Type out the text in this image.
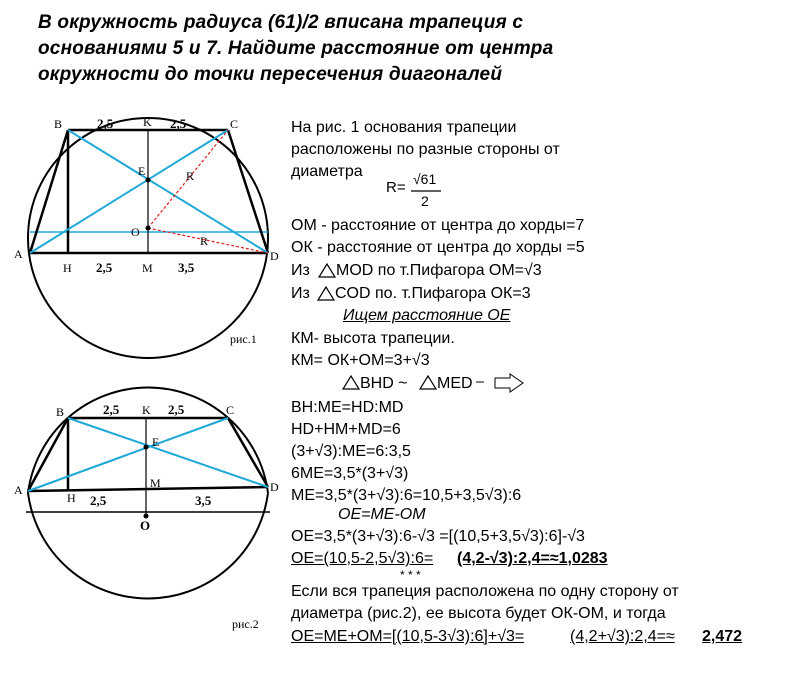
В окружность радиуса (61)/2 вписана трапеция с
основаниями 5 и 7. Найдите расстояние от центра
окружности до точки пересечения диагоналей
B	K	C
E
O
A	D
H	M
R
R
2,5	2,5
2,5	3,5
рис.1
B	K	C
E
O
A	D
H
M
2,5	2,5
2,5	3,5
рис.2
На рис. 1 основания трапеции
расположены по разные стороны от
диаметра
R= √61
2
ОМ - расстояние от центра до хорды=7
ОК - расстояние от центра до хорды =5
Из MOD по т.Пифагора ОМ=√3
Из COD по. т.Пифагора ОК=3
Ищем расстояние ОЕ
КМ- высота трапеции.
КМ= ОК+ОМ=3+√3
BHD ~ MED
BH:ME=HD:MD
HD+HM+MD=6
(3+√3):ME=6:3,5
6ME=3,5*(3+√3)
ME=3,5*(3+√3):6=10,5+3,5√3):6
OE=ME-OM
OE=3,5*(3+√3):6-√3 =[(10,5+3,5√3):6]-√3
OE=(10,5-2,5√3):6= (4,2-√3):2,4=≈1,0283
* * *
Если вся трапеция расположена по одну сторону от
диаметра (рис.2), ее высота будет ОК-ОМ, и тогда
OE=ME+OM=[(10,5-3√3):6]+√3=	(4,2+√3):2,4=≈ 2,472
